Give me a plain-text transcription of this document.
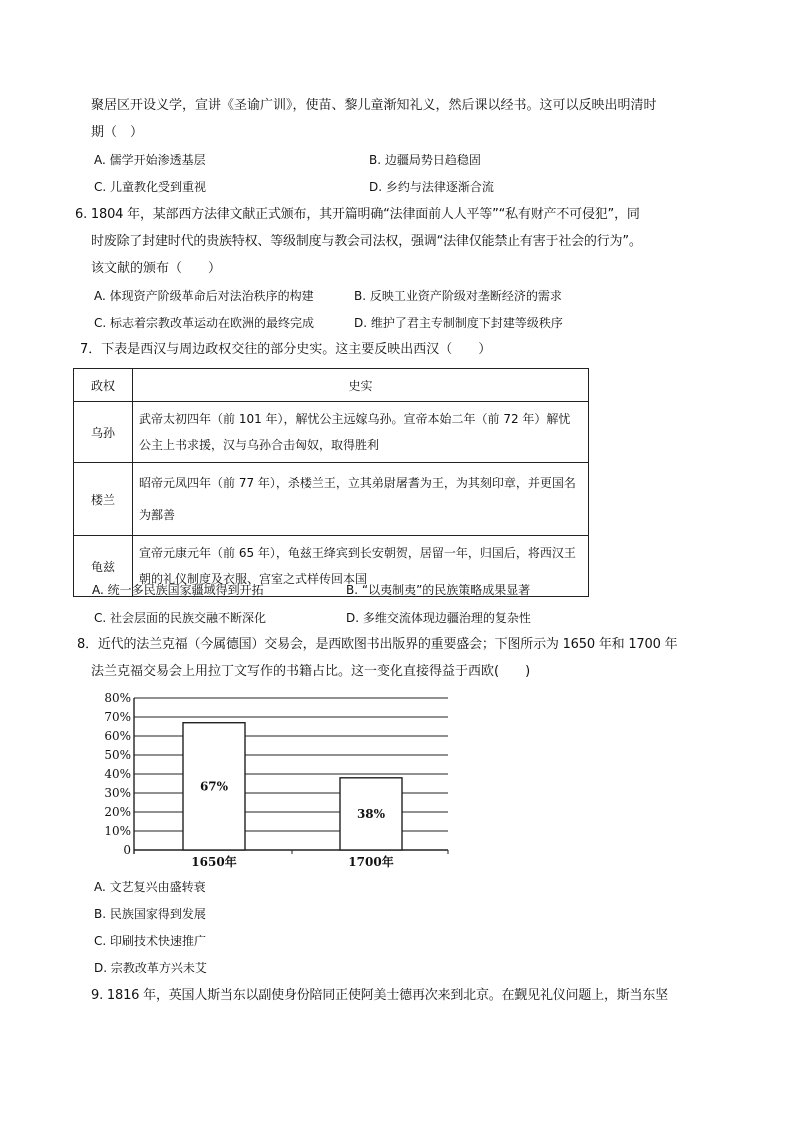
聚居区开设义学，宣讲《圣谕广训》，使苗、黎儿童渐知礼义，然后课以经书。这可以反映出明清时
期（　）
A. 儒学开始渗透基层	B. 边疆局势日趋稳固
C. 儿童教化受到重视	D. 乡约与法律逐渐合流
6. 1804 年，某部西方法律文献正式颁布，其开篇明确“法律面前人人平等”“私有财产不可侵犯”，同
时废除了封建时代的贵族特权、等级制度与教会司法权，强调“法律仅能禁止有害于社会的行为”。
该文献的颁布（　　）
A. 体现资产阶级革命后对法治秩序的构建	B. 反映工业资产阶级对垄断经济的需求
C. 标志着宗教改革运动在欧洲的最终完成	D. 维护了君主专制制度下封建等级秩序
7．下表是西汉与周边政权交往的部分史实。这主要反映出西汉（　　）
政权	史实
乌孙	武帝太初四年（前 101 年），解忧公主远嫁乌孙。宣帝本始二年（前 72 年）解忧公主上书求援，汉与乌孙合击匈奴，取得胜利

楼兰	昭帝元凤四年（前 77 年），杀楼兰王，立其弟尉屠耆为王，为其刻印章，并更国名为鄯善

龟兹	宣帝元康元年（前 65 年），龟兹王绛宾到长安朝贺，居留一年，归国后，将西汉王朝的礼仪制度及衣服、宫室之式样传回本国
A. 统一多民族国家疆域得到开拓	B. “以夷制夷”的民族策略成果显著
C. 社会层面的民族交融不断深化	D. 多维交流体现边疆治理的复杂性
8．近代的法兰克福（今属德国）交易会，是西欧图书出版界的重要盛会；下图所示为 1650 年和 1700 年
法兰克福交易会上用拉丁文写作的书籍占比。这一变化直接得益于西欧(　　)
0
10%
20%
30%
40%
50%
60%
70%
80%
67%
1650年
38%
1700年
A. 文艺复兴由盛转衰
B. 民族国家得到发展
C. 印刷技术快速推广
D. 宗教改革方兴未艾
9. 1816 年，英国人斯当东以副使身份陪同正使阿美士德再次来到北京。在觐见礼仪问题上，斯当东坚
